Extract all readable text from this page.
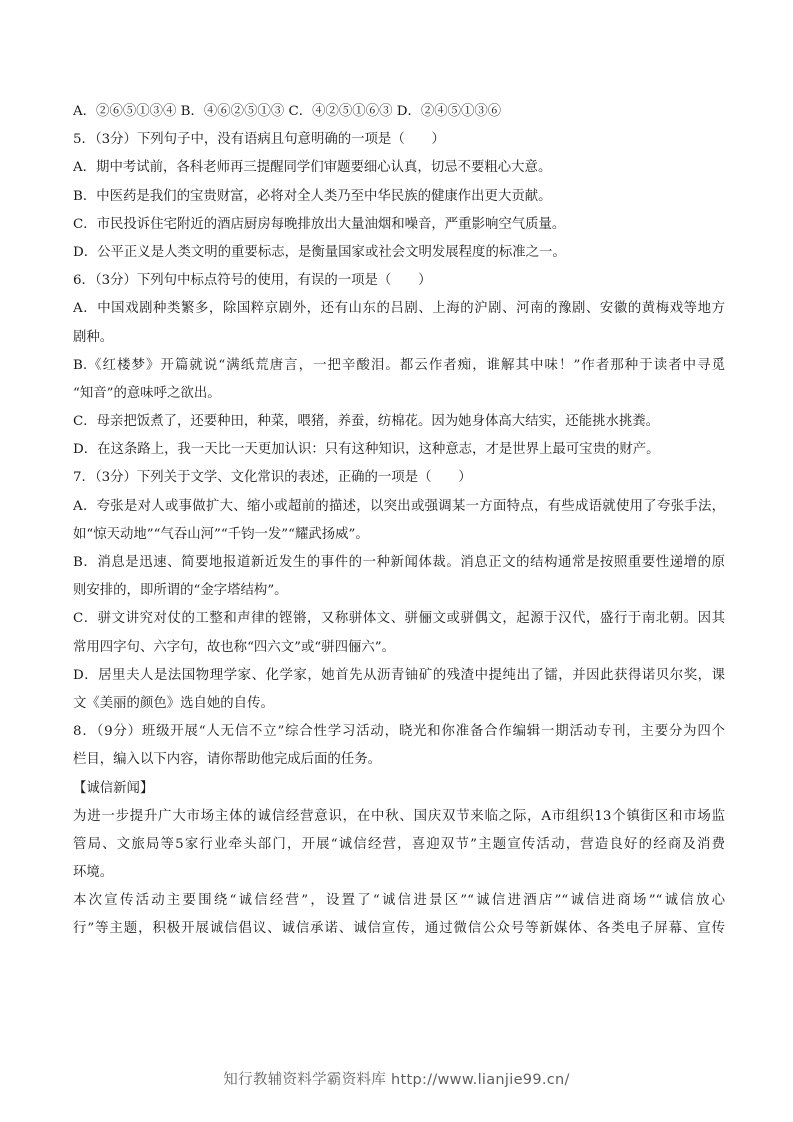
A．②⑥⑤①③④ B．④⑥②⑤①③ C．④②⑤①⑥③ D．②④⑤①③⑥
5．（3分）下列句子中，没有语病且句意明确的一项是（　　）
A．期中考试前，各科老师再三提醒同学们审题要细心认真，切忌不要粗心大意。
B．中医药是我们的宝贵财富，必将对全人类乃至中华民族的健康作出更大贡献。
C．市民投诉住宅附近的酒店厨房每晚排放出大量油烟和噪音，严重影响空气质量。
D．公平正义是人类文明的重要标志，是衡量国家或社会文明发展程度的标准之一。
6．（3分）下列句中标点符号的使用，有误的一项是（　　）
A．中国戏剧种类繁多，除国粹京剧外，还有山东的吕剧、上海的沪剧、河南的豫剧、安徽的黄梅戏等地方
剧种。
B.《红楼梦》开篇就说“满纸荒唐言，一把辛酸泪。都云作者痴，谁解其中味！”作者那种于读者中寻觅
“知音”的意味呼之欲出。
C．母亲把饭煮了，还要种田，种菜，喂猪，养蚕，纺棉花。因为她身体高大结实，还能挑水挑粪。
D．在这条路上，我一天比一天更加认识：只有这种知识，这种意志，才是世界上最可宝贵的财产。
7．（3分）下列关于文学、文化常识的表述，正确的一项是（　　）
A．夸张是对人或事做扩大、缩小或超前的描述，以突出或强调某一方面特点，有些成语就使用了夸张手法，
如“惊天动地”“气吞山河”“千钧一发”“耀武扬威”。
B．消息是迅速、简要地报道新近发生的事件的一种新闻体裁。消息正文的结构通常是按照重要性递增的原
则安排的，即所谓的“金字塔结构”。
C．骈文讲究对仗的工整和声律的铿锵，又称骈体文、骈俪文或骈偶文，起源于汉代，盛行于南北朝。因其
常用四字句、六字句，故也称“四六文”或“骈四俪六”。
D．居里夫人是法国物理学家、化学家，她首先从沥青铀矿的残渣中提纯出了镭，并因此获得诺贝尔奖，课
文《美丽的颜色》选自她的自传。
8．（9分）班级开展“人无信不立”综合性学习活动，晓光和你准备合作编辑一期活动专刊，主要分为四个
栏目，编入以下内容，请你帮助他完成后面的任务。
【诚信新闻】
为进一步提升广大市场主体的诚信经营意识，在中秋、国庆双节来临之际，A市组织13个镇街区和市场监
管局、文旅局等5家行业牵头部门，开展“诚信经营，喜迎双节”主题宣传活动，营造良好的经商及消费
环境。
本次宣传活动主要围绕“诚信经营”，设置了“诚信进景区”“诚信进酒店”“诚信进商场”“诚信放心
行”等主题，积极开展诚信倡议、诚信承诺、诚信宣传，通过微信公众号等新媒体、各类电子屏幕、宣传
知行教辅资料学霸资料库 http://www.lianjie99.cn/
